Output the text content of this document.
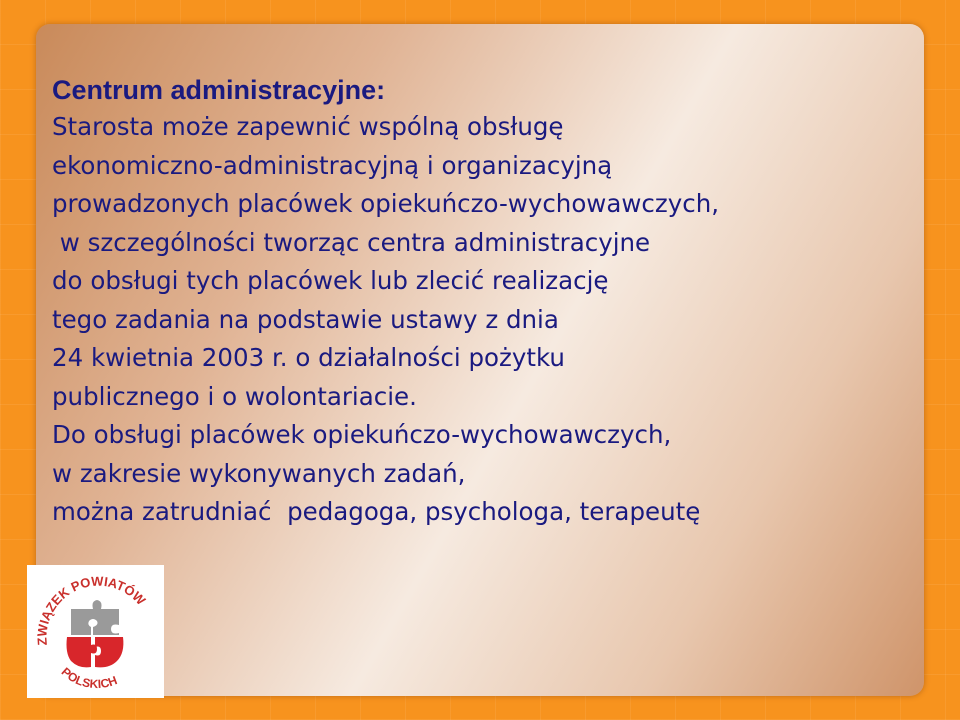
Centrum administracyjne:
Starosta może zapewnić wspólną obsługę
ekonomiczno-administracyjną i organizacyjną
prowadzonych placówek opiekuńczo-wychowawczych,
w szczególności tworząc centra administracyjne
do obsługi tych placówek lub zlecić realizację
tego zadania na podstawie ustawy z dnia
24 kwietnia 2003 r. o działalności pożytku
publicznego i o wolontariacie.
Do obsługi placówek opiekuńczo-wychowawczych,
w zakresie wykonywanych zadań,
można zatrudniać  pedagoga, psychologa, terapeutę
ZWIĄZEK POWIATÓW
POLSKICH
